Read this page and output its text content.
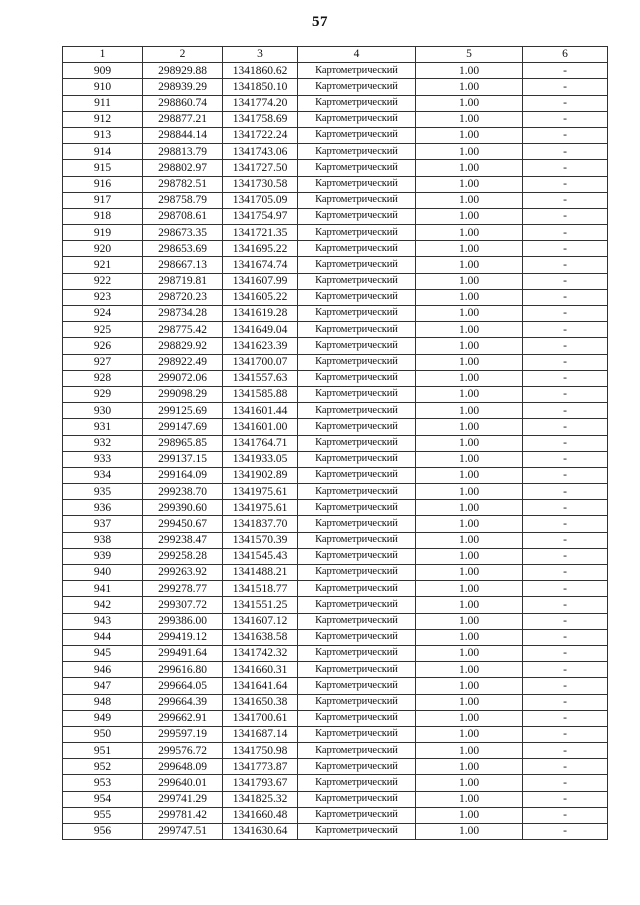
57
1	2	3	4	5	6
909	298929.88	1341860.62	Картометрический	1.00	-
910	298939.29	1341850.10	Картометрический	1.00	-
911	298860.74	1341774.20	Картометрический	1.00	-
912	298877.21	1341758.69	Картометрический	1.00	-
913	298844.14	1341722.24	Картометрический	1.00	-
914	298813.79	1341743.06	Картометрический	1.00	-
915	298802.97	1341727.50	Картометрический	1.00	-
916	298782.51	1341730.58	Картометрический	1.00	-
917	298758.79	1341705.09	Картометрический	1.00	-
918	298708.61	1341754.97	Картометрический	1.00	-
919	298673.35	1341721.35	Картометрический	1.00	-
920	298653.69	1341695.22	Картометрический	1.00	-
921	298667.13	1341674.74	Картометрический	1.00	-
922	298719.81	1341607.99	Картометрический	1.00	-
923	298720.23	1341605.22	Картометрический	1.00	-
924	298734.28	1341619.28	Картометрический	1.00	-
925	298775.42	1341649.04	Картометрический	1.00	-
926	298829.92	1341623.39	Картометрический	1.00	-
927	298922.49	1341700.07	Картометрический	1.00	-
928	299072.06	1341557.63	Картометрический	1.00	-
929	299098.29	1341585.88	Картометрический	1.00	-
930	299125.69	1341601.44	Картометрический	1.00	-
931	299147.69	1341601.00	Картометрический	1.00	-
932	298965.85	1341764.71	Картометрический	1.00	-
933	299137.15	1341933.05	Картометрический	1.00	-
934	299164.09	1341902.89	Картометрический	1.00	-
935	299238.70	1341975.61	Картометрический	1.00	-
936	299390.60	1341975.61	Картометрический	1.00	-
937	299450.67	1341837.70	Картометрический	1.00	-
938	299238.47	1341570.39	Картометрический	1.00	-
939	299258.28	1341545.43	Картометрический	1.00	-
940	299263.92	1341488.21	Картометрический	1.00	-
941	299278.77	1341518.77	Картометрический	1.00	-
942	299307.72	1341551.25	Картометрический	1.00	-
943	299386.00	1341607.12	Картометрический	1.00	-
944	299419.12	1341638.58	Картометрический	1.00	-
945	299491.64	1341742.32	Картометрический	1.00	-
946	299616.80	1341660.31	Картометрический	1.00	-
947	299664.05	1341641.64	Картометрический	1.00	-
948	299664.39	1341650.38	Картометрический	1.00	-
949	299662.91	1341700.61	Картометрический	1.00	-
950	299597.19	1341687.14	Картометрический	1.00	-
951	299576.72	1341750.98	Картометрический	1.00	-
952	299648.09	1341773.87	Картометрический	1.00	-
953	299640.01	1341793.67	Картометрический	1.00	-
954	299741.29	1341825.32	Картометрический	1.00	-
955	299781.42	1341660.48	Картометрический	1.00	-
956	299747.51	1341630.64	Картометрический	1.00	-
